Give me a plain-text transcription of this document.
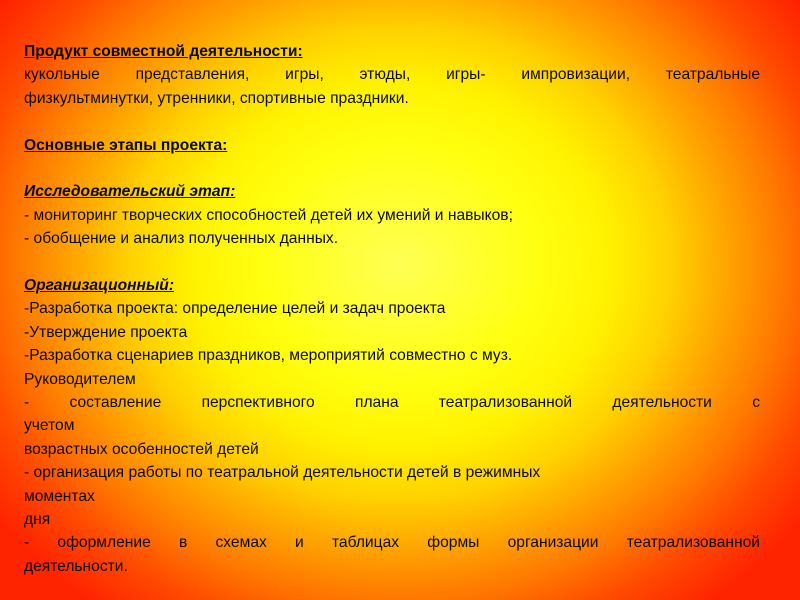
Продукт совместной деятельности:
кукольные представления, игры, этюды, игры- импровизации, театральные
физкультминутки, утренники, спортивные праздники.
Основные этапы проекта:
Исследовательский этап:
- мониторинг творческих способностей детей их умений и навыков;
- обобщение и анализ полученных данных.
Организационный:
-Разработка проекта: определение целей и задач проекта
-Утверждение проекта
-Разработка сценариев праздников, мероприятий совместно с муз.
Руководителем
- составление перспективного плана театрализованной деятельности с
учетом
возрастных особенностей детей
- организация работы по театральной деятельности детей в режимных
моментах
дня
- оформление в схемах и таблицах формы организации театрализованной
деятельности.
